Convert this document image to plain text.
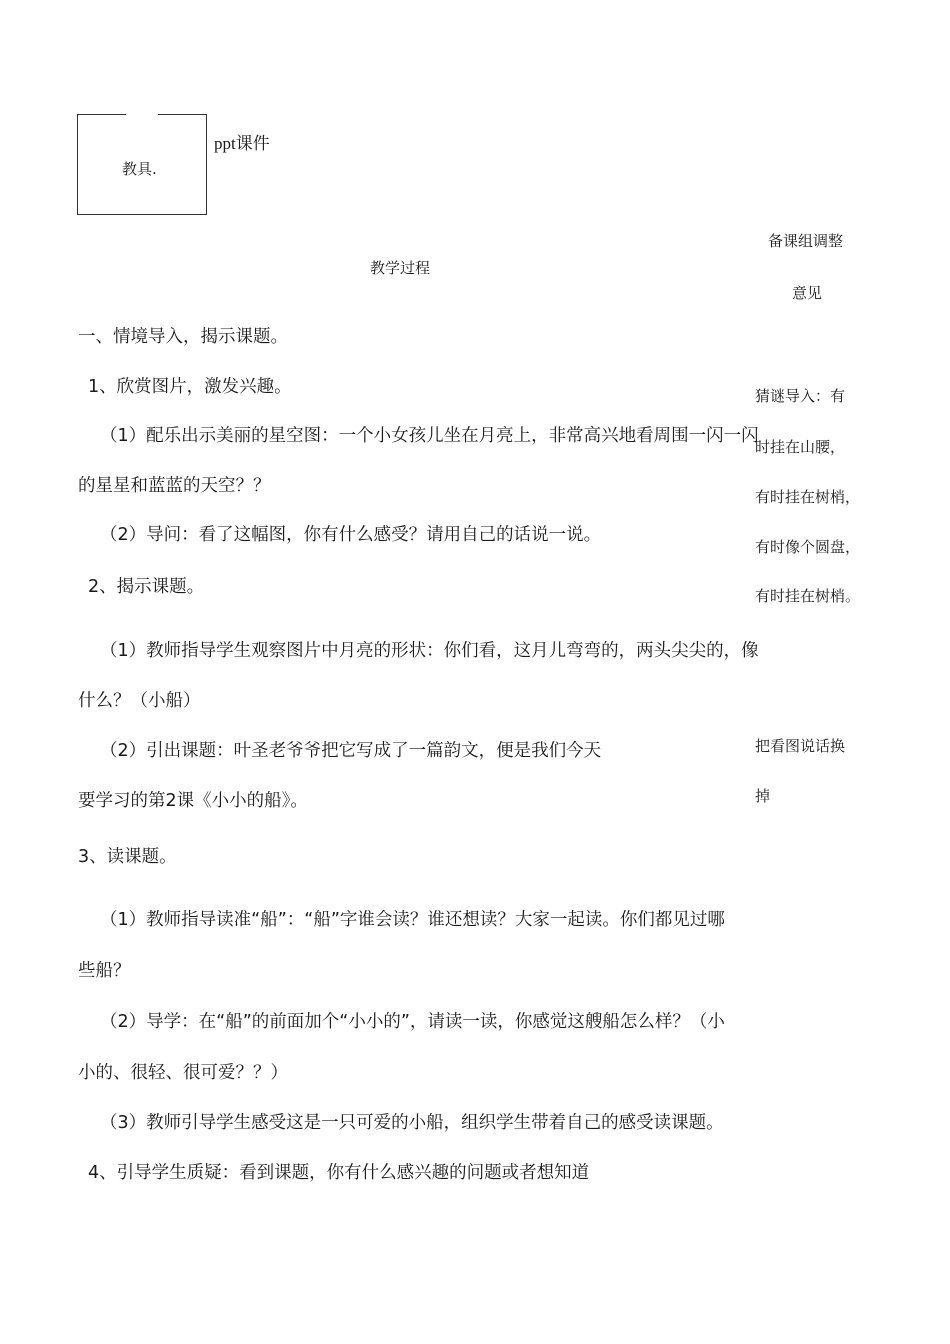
教具.
ppt课件
教学过程
备课组调整
意见
一、情境导入，揭示课题。
1、欣赏图片，激发兴趣。
（1）配乐出示美丽的星空图：一个小女孩儿坐在月亮上，非常高兴地看周围一闪一闪
的星星和蓝蓝的天空？？
（2）导问：看了这幅图，你有什么感受？请用自己的话说一说。
2、揭示课题。
（1）教师指导学生观察图片中月亮的形状：你们看，这月儿弯弯的，两头尖尖的，像
什么？（小船）
（2）引出课题：叶圣老爷爷把它写成了一篇韵文，便是我们今天
要学习的第2课《小小的船》。
3、读课题。
（1）教师指导读准“船”：“船”字谁会读？谁还想读？大家一起读。你们都见过哪
些船？
（2）导学：在“船”的前面加个“小小的”，请读一读，你感觉这艘船怎么样？（小
小的、很轻、很可爱？？）
（3）教师引导学生感受这是一只可爱的小船，组织学生带着自己的感受读课题。
4、引导学生质疑：看到课题，你有什么感兴趣的问题或者想知道
猜谜导入：有
时挂在山腰，
有时挂在树梢，
有时像个圆盘，
有时挂在树梢。
把看图说话换
掉
